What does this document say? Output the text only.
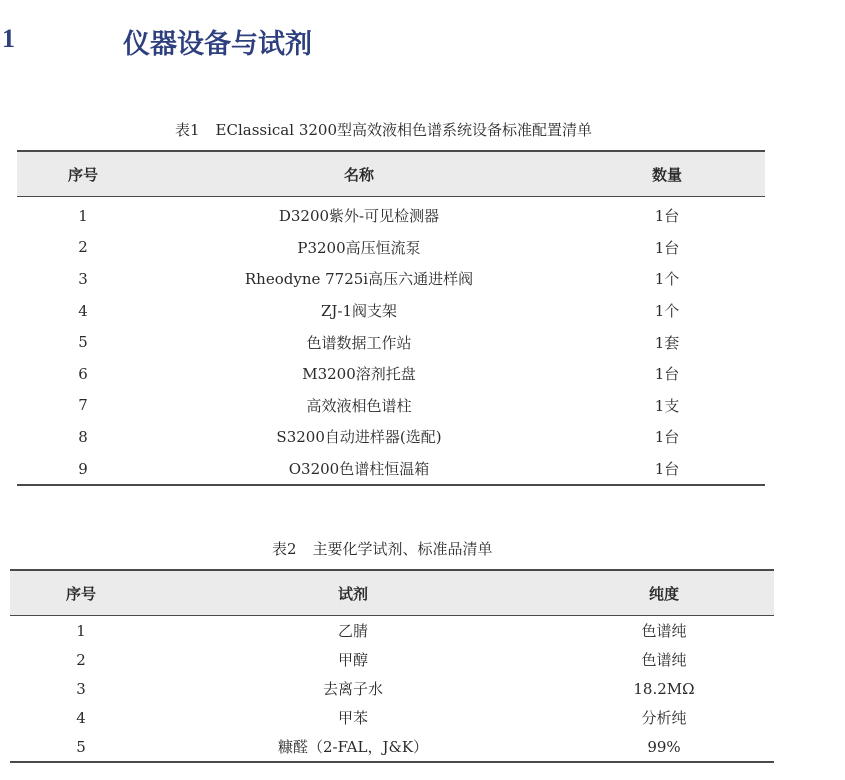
1	仪器设备与试剂
表1 EClassical 3200型高效液相色谱系统设备标准配置清单
序号	名称	数量
1	D3200紫外-可见检测器	1台
2	P3200高压恒流泵	1台
3	Rheodyne 7725i高压六通进样阀	1个
4	ZJ-1阀支架	1个
5	色谱数据工作站	1套
6	M3200溶剂托盘	1台
7	高效液相色谱柱	1支
8	S3200自动进样器(选配)	1台
9	O3200色谱柱恒温箱	1台
表2 主要化学试剂、标准品清单
序号	试剂	纯度
1	乙腈	色谱纯
2	甲醇	色谱纯
3	去离子水	18.2MΩ
4	甲苯	分析纯
5	糠醛（2-FAL，J&K）	99%
